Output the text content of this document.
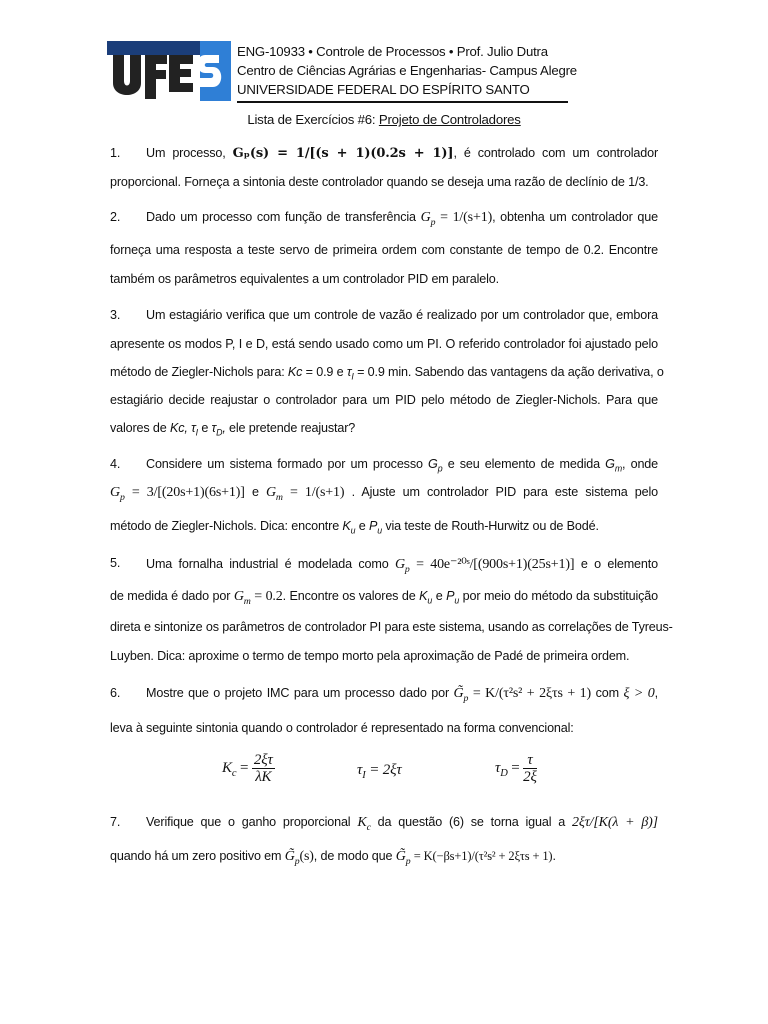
ENG-10933 • Controle de Processos • Prof. Julio Dutra
Centro de Ciências Agrárias e Engenharias- Campus Alegre
UNIVERSIDADE FEDERAL DO ESPÍRITO SANTO
Lista de Exercícios #6: Projeto de Controladores
1. Um processo, Gₚ(s) = 1/[(s + 1)(0.2s + 1)], é controlado com um controlador
proporcional. Forneça a sintonia deste controlador quando se deseja uma razão de declínio de 1/3.
2. Dado um processo com função de transferência $G_p = 1/(s+1)$, obtenha um controlador que
forneça uma resposta a teste servo de primeira ordem com constante de tempo de 0.2. Encontre
também os parâmetros equivalentes a um controlador PID em paralelo.
3. Um estagiário verifica que um controle de vazão é realizado por um controlador que, embora
apresente os modos P, I e D, está sendo usado como um PI. O referido controlador foi ajustado pelo
método de Ziegler-Nichols para: Kc = 0.9 e $\tau_I = 0.9$ min. Sabendo das vantagens da ação derivativa, o
estagiário decide reajustar o controlador para um PID pelo método de Ziegler-Nichols. Para que
valores de Kc, $\tau_I$ e $\tau_D$, ele pretende reajustar?
4. Considere um sistema formado por um processo $G_p$ e seu elemento de medida $G_m$, onde
$G_p = 3/[(20s+1)(6s+1)]$ e $G_m = 1/(s+1)$ . Ajuste um controlador PID para este sistema pelo
método de Ziegler-Nichols. Dica: encontre $K_u$ e $P_u$ via teste de Routh-Hurwitz ou de Bodé.
5. Uma fornalha industrial é modelada como $G_p$ = 40e⁻²⁰ˢ/[(900s+1)(25s+1)] e o elemento
de medida é dado por $G_m = 0.2$. Encontre os valores de $K_u$ e $P_u$ por meio do método da substituição
direta e sintonize os parâmetros de controlador PI para este sistema, usando as correlações de Tyreus-
Luyben. Dica: aproxime o termo de tempo morto pela aproximação de Padé de primeira ordem.
6. Mostre que o projeto IMC para um processo dado por $G̃_p = K/(\tau^2s^2 + 2\xi\tau s + 1)$ com ξ > 0,
leva à seguinte sintonia quando o controlador é representado na forma convencional:
$K_c = \frac{2\xi\tau}{\lambda K}$	$\tau_I = 2\xi\tau$	$\tau_D = \frac{\tau}{2\xi}$
7. Verifique que o ganho proporcional $K_c$ da questão (6) se torna igual a 2ξτ/[K(λ + β)]
quando há um zero positivo em $G̃_p(s)$, de modo que $G̃_p = K(-\beta s+1)/(\tau^2s^2 + 2\xi\tau s + 1)$.
